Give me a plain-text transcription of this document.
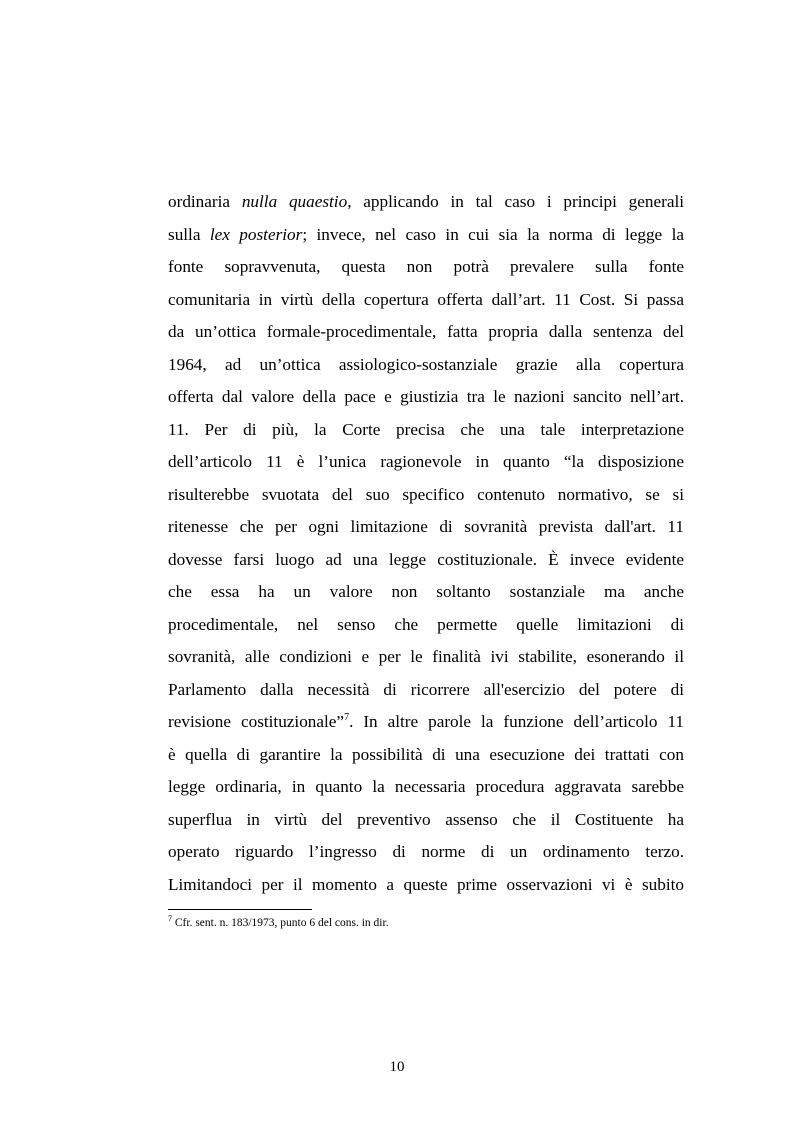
ordinaria nulla quaestio, applicando in tal caso i principi generali
sulla lex posterior; invece, nel caso in cui sia la norma di legge la
fonte sopravvenuta, questa non potrà prevalere sulla fonte
comunitaria in virtù della copertura offerta dall’art. 11 Cost. Si passa
da un’ottica formale-procedimentale, fatta propria dalla sentenza del
1964, ad un’ottica assiologico-sostanziale grazie alla copertura
offerta dal valore della pace e giustizia tra le nazioni sancito nell’art.
11. Per di più, la Corte precisa che una tale interpretazione
dell’articolo 11 è l’unica ragionevole in quanto “la disposizione
risulterebbe svuotata del suo specifico contenuto normativo, se si
ritenesse che per ogni limitazione di sovranità prevista dall'art. 11
dovesse farsi luogo ad una legge costituzionale. È invece evidente
che essa ha un valore non soltanto sostanziale ma anche
procedimentale, nel senso che permette quelle limitazioni di
sovranità, alle condizioni e per le finalità ivi stabilite, esonerando il
Parlamento dalla necessità di ricorrere all'esercizio del potere di
revisione costituzionale”$^7$. In altre parole la funzione dell’articolo 11
è quella di garantire la possibilità di una esecuzione dei trattati con
legge ordinaria, in quanto la necessaria procedura aggravata sarebbe
superflua in virtù del preventivo assenso che il Costituente ha
operato riguardo l’ingresso di norme di un ordinamento terzo.
Limitandoci per il momento a queste prime osservazioni vi è subito
$^7$ Cfr. sent. n. 183/1973, punto 6 del cons. in dir.
10
